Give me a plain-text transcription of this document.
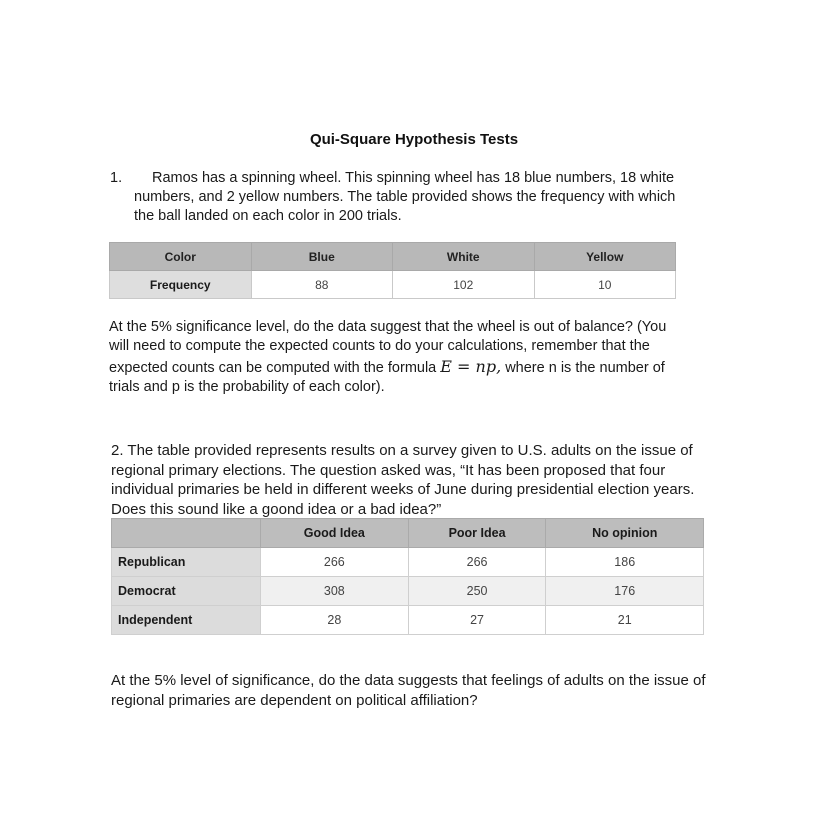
Qui-Square Hypothesis Tests
1.	Ramos has a spinning wheel. This spinning wheel has 18 blue numbers, 18 white numbers, and 2 yellow numbers. The table provided shows the frequency with which the ball landed on each color in 200 trials.
Color	Blue	White	Yellow
Frequency	88	102	10
At the 5% significance level, do the data suggest that the wheel is out of balance? (You will need to compute the expected counts to do your calculations, remember that the expected counts can be computed with the formula E = np, where n is the number of trials and p is the probability of each color).
2. The table provided represents results on a survey given to U.S. adults on the issue of regional primary elections. The question asked was, “It has been proposed that four individual primaries be held in different weeks of June during presidential election years. Does this sound like a goond idea or a bad idea?”
	Good Idea	Poor Idea	No opinion
Republican	266	266	186
Democrat	308	250	176
Independent	28	27	21
At the 5% level of significance, do the data suggests that feelings of adults on the issue of regional primaries are dependent on political affiliation?
